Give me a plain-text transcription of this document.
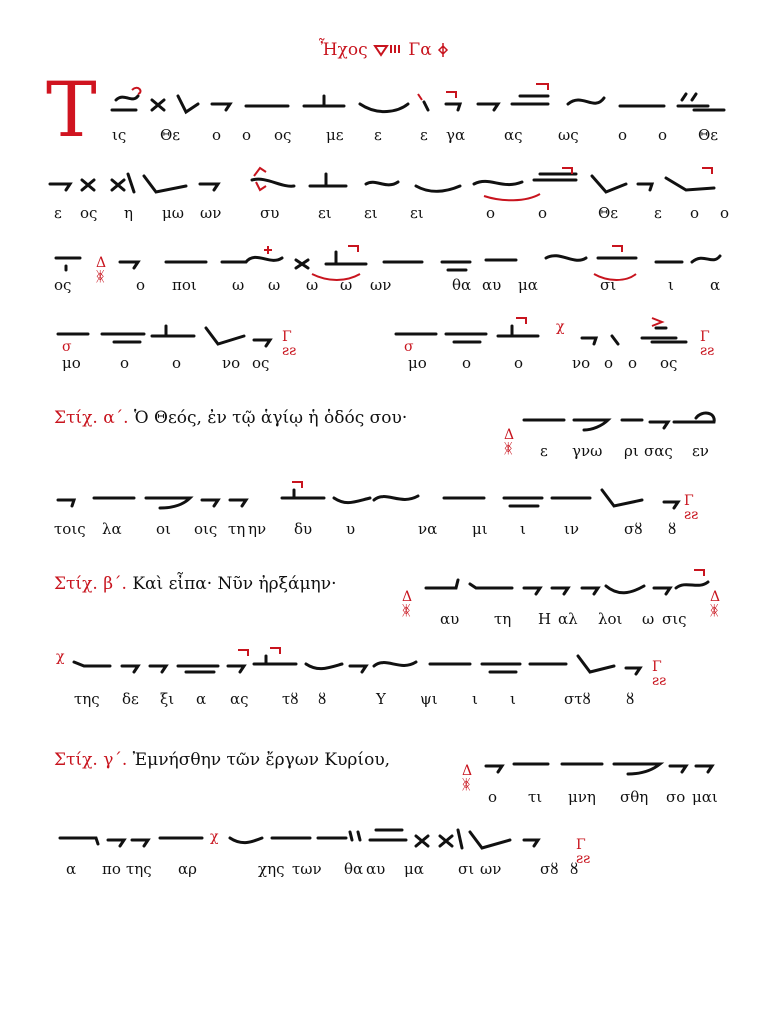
Ἦχος Γα
Τ ις Θε ο ο ος με ε	ε γα	ας ως	ο ο Θε
ε ος η μω ων	συ	ει ει ει	ο	ο	Θε ε ο ο
Δ
ᛤ
ος	ο ποι ω ω ω ω ων	θα αυ μα	σι	ι α
σ
Γ
ƨƨ	σ
χ
Γ
ƨƨ
μο	ο	ο	νο ος	μο ο	ο	νο ο ο ος
Στίχ. α΄. Ὁ Θεός, ἐν τῷ ἁγίῳ ἡ ὁδός σου·
Δ
ᛤ ε γνω ρι σας εν
Γ
ƨƨ
τοις λα οι οις τη ην δυ υ	να μι ι	ιν	σȣ ȣ
Στίχ. β΄. Καὶ εἶπα· Νῦν ἠρξάμην·
Δ
ᛤ
Δ
ᛤ
αυ τη Η αλ λοι ω σις
χ
Γ
ƨƨ
της δε ξι α ας τȣ ȣ	Υ ψι ι ι	στȣ ȣ
Στίχ. γ΄. Ἐμνήσθην τῶν ἔργων Κυρίου,
Δ
ᛤ
ο τι μνη σθη σο μαι
χ	Γ
ƨƨ
α πο της αρ	χης των θα αυ μα σι ων	σȣ ȣ
